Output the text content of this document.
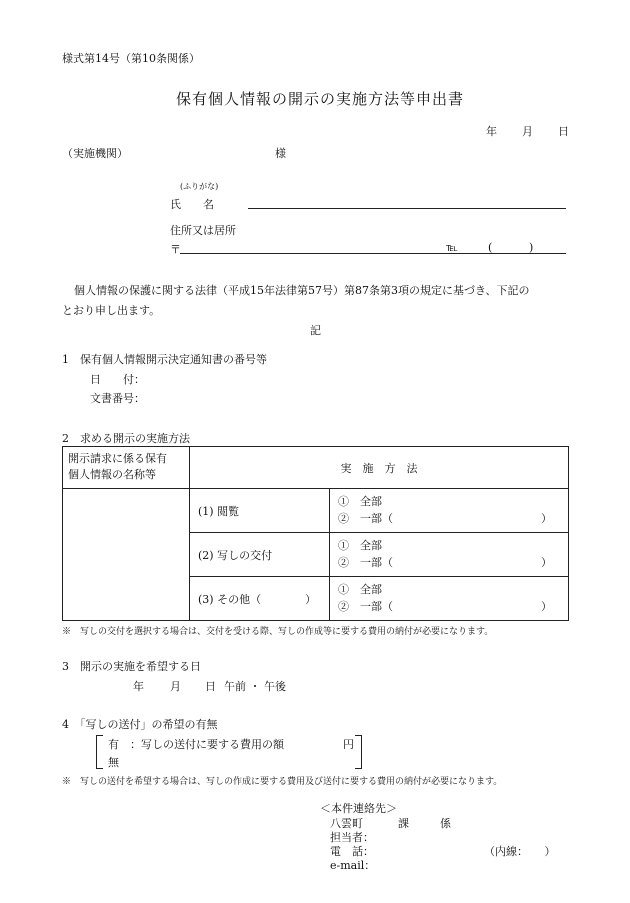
様式第14号（第10条関係）
保有個人情報の開示の実施方法等申出書
年 月 日
（実施機関）	様
(ふりがな)
氏　　名
住所又は居所
〒	℡	(	)
個人情報の保護に関する法律（平成15年法律第57号）第87条第3項の規定に基づき、下記の
とおり申し出ます。
記
1　保有個人情報開示決定通知書の番号等
日　　付：
文書番号：
2　求める開示の実施方法
開示請求に係る保有
個人情報の名称等	実　施　方　法	
	(1) 閲覧	①　全部
②　一部（ ）

	(2) 写しの交付	①　全部
②　一部（ ）

	(3) その他（　　　　）	①　全部
②　一部（ ）
※　写しの交付を選択する場合は、交付を受ける際、写しの作成等に要する費用の納付が必要になります。
3　開示の実施を希望する日
年 月 日 午前 ・ 午後
4　「写しの送付」の希望の有無
有　：写しの送付に要する費用の額	円
無
※　写しの送付を希望する場合は、写しの作成に要する費用及び送付に要する費用の納付が必要になります。
＜本件連絡先＞
八雲町	課	係
担当者：
電　話：	（内線：　　）
e-mail：
